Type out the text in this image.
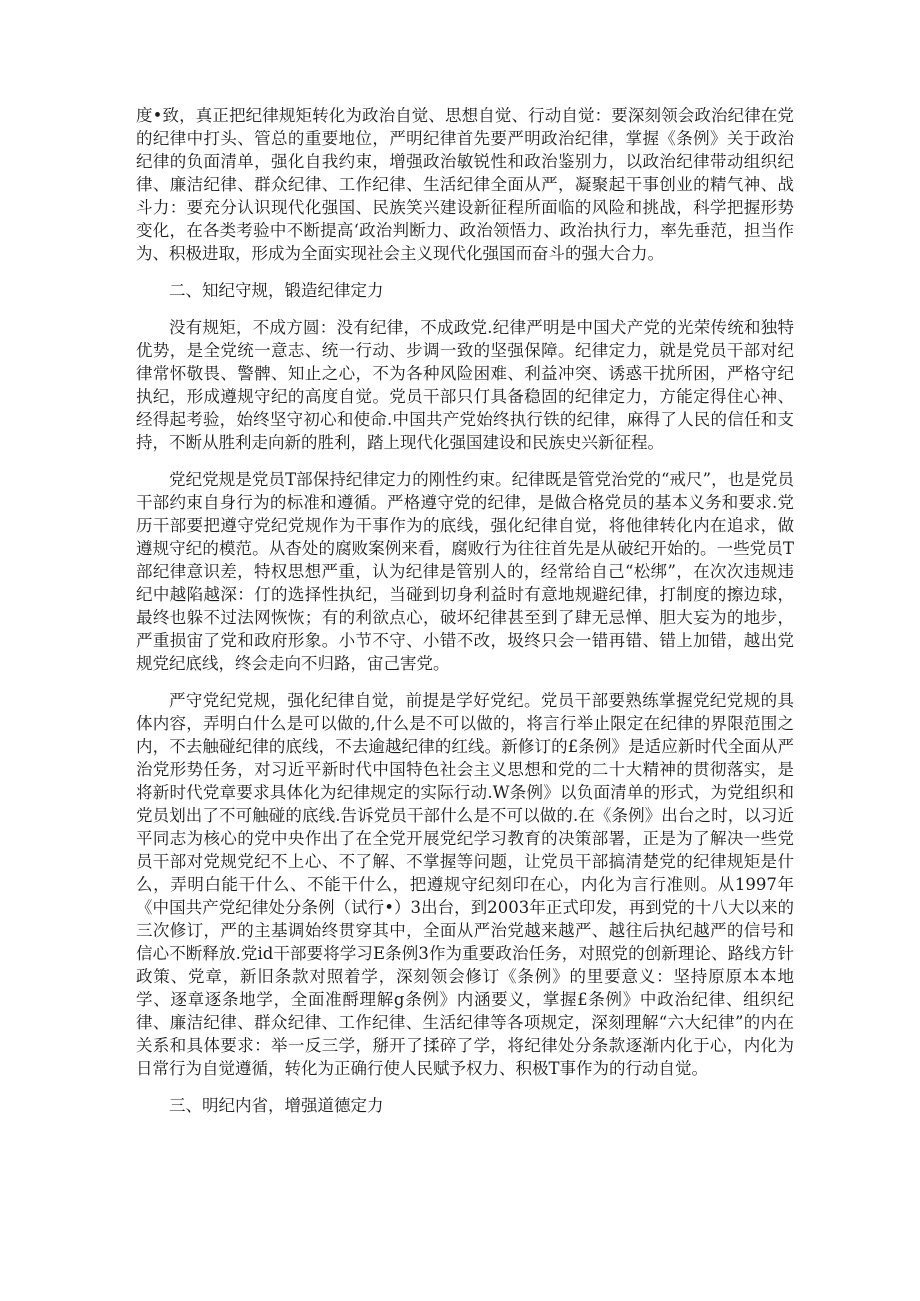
度•致，真正把纪律规矩转化为政治自觉、思想自觉、行动自觉：要深刻领会政治纪律在党的纪律中打头、管总的重要地位，严明纪律首先要严明政治纪律，掌握《条例》关于政治纪律的负面清单，强化自我约束，增强政治敏锐性和政治鉴别力，以政治纪律带动组织纪律、廉洁纪律、群众纪律、工作纪律、生活纪律全面从严，凝聚起干事创业的精气神、战斗力：要充分认识现代化强国、民族笑兴建设新征程所面临的风险和挑战，科学把握形势变化，在各类考验中不断提高‘政治判断力、政治领悟力、政治执行力，率先垂范，担当作为、积极进取，形成为全面实现社会主义现代化强国而奋斗的强大合力。

二、知纪守规，锻造纪律定力

没有规矩，不成方圆：没有纪律，不成政党.纪律严明是中国犬产党的光荣传统和独特优势，是全党统一意志、统一行动、步调一致的坚强保障。纪律定力，就是党员干部对纪律常怀敬畏、警髀、知止之心，不为各种风险困难、利益冲突、诱惑干扰所困，严格守纪执纪，形成遵规守纪的高度自觉。党员干部只仃具备稳固的纪律定力，方能定得住心神、经得起考验，始终坚守初心和使命.中国共产党始终执行铁的纪律，麻得了人民的信任和支持，不断从胜利走向新的胜利，踏上现代化强国建设和民族史兴新征程。

党纪党规是党员T部保持纪律定力的刚性约束。纪律既是管党治党的“戒尺”，也是党员干部约束自身行为的标准和遵循。严格遵守党的纪律，是做合格党员的基本义务和要求.党历干部要把遵守党纪党规作为干事作为的底线，强化纪律自觉，将他律转化内在追求，做遵规守纪的模范。从杳处的腐败案例来看，腐败行为往往首先是从破纪开始的。一些党员T部纪律意识差，特权思想严重，认为纪律是管别人的，经常给自己“松绑”，在次次违规违纪中越陷越深：仃的选择性执纪，当碰到切身利益时有意地规避纪律，打制度的擦边球，最终也躲不过法网恢恢；有的利欲点心，破坏纪律甚至到了肆无忌惮、胆大妄为的地步，严重损宙了党和政府形象。小节不守、小错不改，圾终只会一错再错、错上加错，越出党规党纪底线，终会走向不归路，宙己害党。

严守党纪党规，强化纪律自觉，前提是学好党纪。党员干部要熟练掌握党纪党规的具体内容，弄明白什么是可以做的,什么是不可以做的，将言行举止限定在纪律的界限范围之内，不去触碰纪律的底线，不去逾越纪律的红线。新修订的£条例》是适应新时代全面从严治党形势任务，对习近平新时代中国特色社会主义思想和党的二十大精神的贯彻落实，是将新时代党章要求具体化为纪律规定的实际行动.W条例》以负面清单的形式，为党组织和党员划出了不可触碰的底线.告诉党员干部什么是不可以做的.在《条例》出台之时，以习近平同志为核心的党中央作出了在全党开展党纪学习教育的决策部署，正是为了解决一些党员干部对党规党纪不上心、不了解、不掌握等问题，让党员干部搞清楚党的纪律规矩是什么，弄明白能干什么、不能干什么，把遵规守纪刻印在心，内化为言行准则。从1997年《中国共产党纪律处分条例（试行•）3出台，到2003年正式印发，再到党的十八大以来的三次修订，严的主基调始终贯穿其中，全面从严治党越来越严、越往后执纪越严的信号和信心不断释放.党id干部要将学习E条例3作为重要政治任务，对照党的创新理论、路线方针政策、党章，新旧条款对照着学，深刻领会修订《条例》的里要意义：坚持原原本本地学、逐章逐条地学，全面准酹理解g条例》内涵要义，掌握£条例》中政治纪律、组织纪律、廉洁纪律、群众纪律、工作纪律、生活纪律等各项规定，深刻理解“六大纪律”的内在关系和具体要求：举一反三学，掰开了揉碎了学，将纪律处分条款逐渐内化于心，内化为日常行为自觉遵循，转化为正确行使人民赋予权力、积极T事作为的行动自觉。

三、明纪内省，增强道德定力
